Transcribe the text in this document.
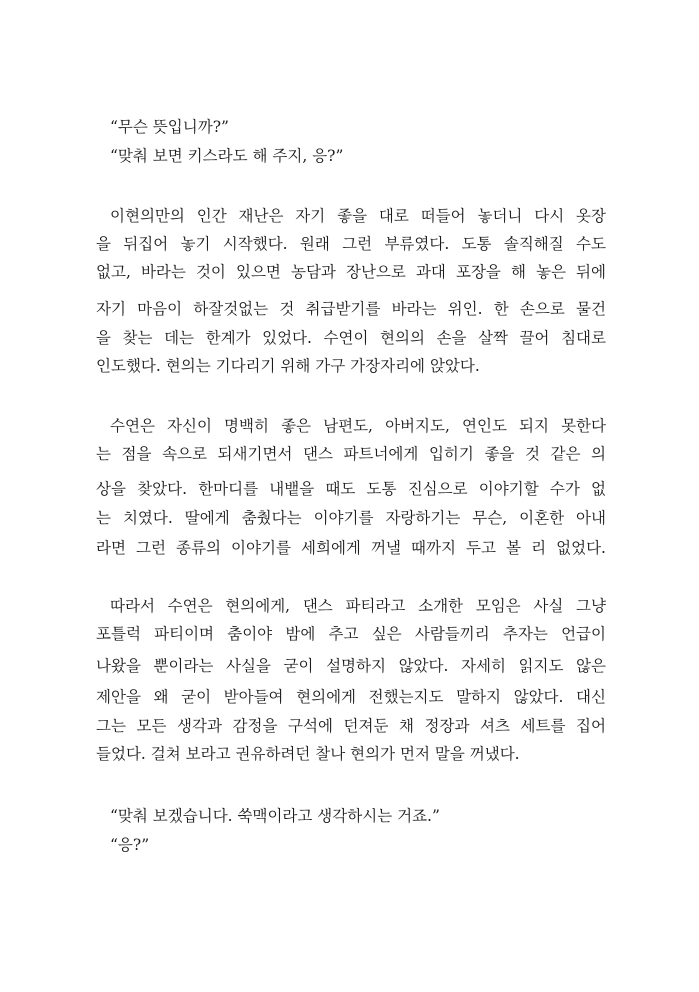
“무슨 뜻입니까?”
“맞춰 보면 키스라도 해 주지, 응?”
이현의만의 인간 재난은 자기 좋을 대로 떠들어 놓더니 다시 옷장
을 뒤집어 놓기 시작했다. 원래 그런 부류였다. 도통 솔직해질 수도
없고, 바라는 것이 있으면 농담과 장난으로 과대 포장을 해 놓은 뒤에
자기 마음이 하잘것없는 것 취급받기를 바라는 위인. 한 손으로 물건
을 찾는 데는 한계가 있었다. 수연이 현의의 손을 살짝 끌어 침대로
인도했다. 현의는 기다리기 위해 가구 가장자리에 앉았다.
수연은 자신이 명백히 좋은 남편도, 아버지도, 연인도 되지 못한다
는 점을 속으로 되새기면서 댄스 파트너에게 입히기 좋을 것 같은 의
상을 찾았다. 한마디를 내뱉을 때도 도통 진심으로 이야기할 수가 없
는 치였다. 딸에게 춤췄다는 이야기를 자랑하기는 무슨, 이혼한 아내
라면 그런 종류의 이야기를 세희에게 꺼낼 때까지 두고 볼 리 없었다.
따라서 수연은 현의에게, 댄스 파티라고 소개한 모임은 사실 그냥
포틀럭 파티이며 춤이야 밤에 추고 싶은 사람들끼리 추자는 언급이
나왔을 뿐이라는 사실을 굳이 설명하지 않았다. 자세히 읽지도 않은
제안을 왜 굳이 받아들여 현의에게 전했는지도 말하지 않았다. 대신
그는 모든 생각과 감정을 구석에 던져둔 채 정장과 셔츠 세트를 집어
들었다. 걸쳐 보라고 권유하려던 찰나 현의가 먼저 말을 꺼냈다.
“맞춰 보겠습니다. 쑥맥이라고 생각하시는 거죠.”
“응?”
